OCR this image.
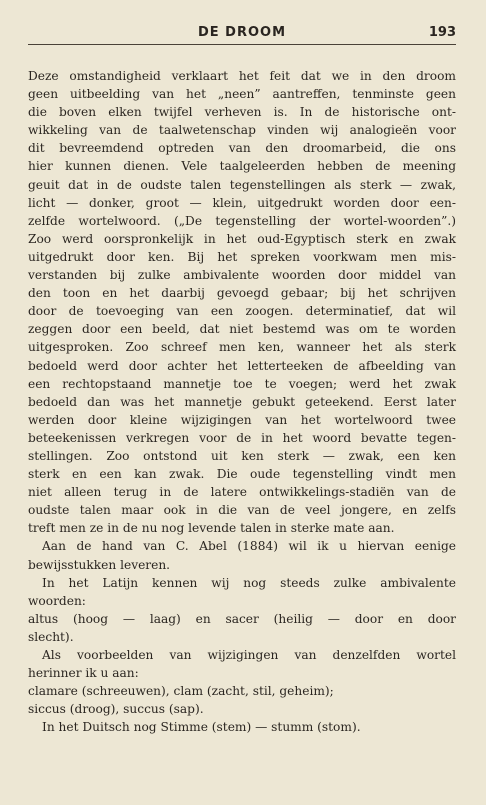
DE DROOM	193
Deze omstandigheid verklaart het feit dat we in den droom
geen uitbeelding van het „neen” aantreffen, tenminste geen
die boven elken twijfel verheven is. In de historische ont-
wikkeling van de taalwetenschap vinden wij analogieën voor
dit bevreemdend optreden van den droomarbeid, die ons
hier kunnen dienen. Vele taalgeleerden hebben de meening
geuit dat in de oudste talen tegenstellingen als sterk — zwak,
licht — donker, groot — klein, uitgedrukt worden door een-
zelfde wortelwoord. („De tegenstelling der wortel-woorden”.)
Zoo werd oorspronkelijk in het oud-Egyptisch sterk en zwak
uitgedrukt door ken. Bij het spreken voorkwam men mis-
verstanden bij zulke ambivalente woorden door middel van
den toon en het daarbij gevoegd gebaar; bij het schrijven
door de toevoeging van een zoogen. determinatief, dat wil
zeggen door een beeld, dat niet bestemd was om te worden
uitgesproken. Zoo schreef men ken, wanneer het als sterk
bedoeld werd door achter het letterteeken de afbeelding van
een rechtopstaand mannetje toe te voegen; werd het zwak
bedoeld dan was het mannetje gebukt geteekend. Eerst later
werden door kleine wijzigingen van het wortelwoord twee
beteekenissen verkregen voor de in het woord bevatte tegen-
stellingen. Zoo ontstond uit ken sterk — zwak, een ken
sterk en een kan zwak. Die oude tegenstelling vindt men
niet alleen terug in de latere ontwikkelings-stadiën van de
oudste talen maar ook in die van de veel jongere, en zelfs
treft men ze in de nu nog levende talen in sterke mate aan.
Aan de hand van C. Abel (1884) wil ik u hiervan eenige
bewijsstukken leveren.
In het Latijn kennen wij nog steeds zulke ambivalente
woorden:
altus (hoog — laag) en sacer (heilig — door en door
slecht).
Als voorbeelden van wijzigingen van denzelfden wortel
herinner ik u aan:
clamare (schreeuwen), clam (zacht, stil, geheim);
siccus (droog), succus (sap).
In het Duitsch nog Stimme (stem) — stumm (stom).
